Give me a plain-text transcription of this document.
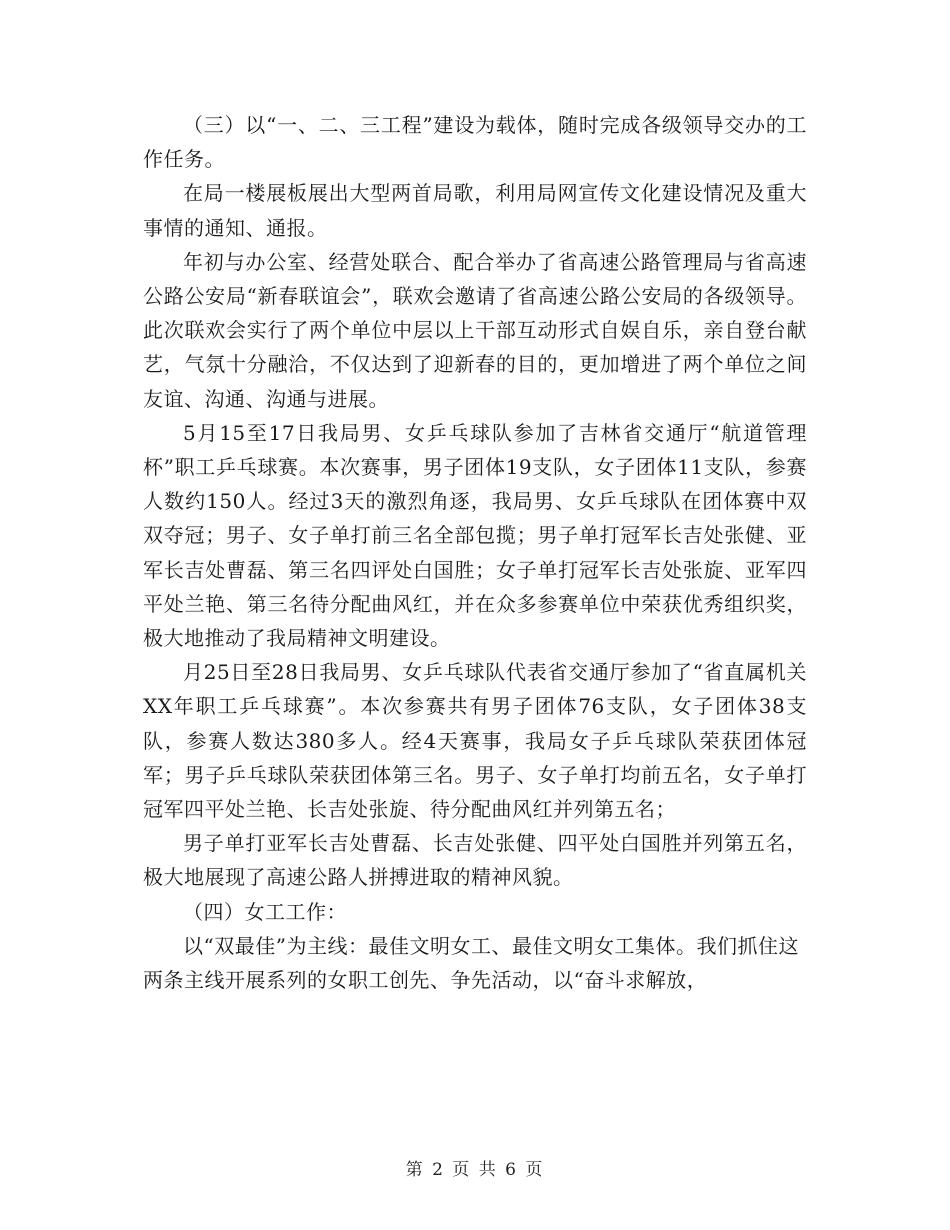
（三）以“一、二、三工程”建设为载体，随时完成各级领导交办的工作任务。

在局一楼展板展出大型两首局歌，利用局网宣传文化建设情况及重大事情的通知、通报。

年初与办公室、经营处联合、配合举办了省高速公路管理局与省高速公路公安局“新春联谊会”，联欢会邀请了省高速公路公安局的各级领导。此次联欢会实行了两个单位中层以上干部互动形式自娱自乐，亲自登台献艺，气氛十分融洽，不仅达到了迎新春的目的，更加增进了两个单位之间友谊、沟通、沟通与进展。

5月15至17日我局男、女乒乓球队参加了吉林省交通厅“航道管理杯”职工乒乓球赛。本次赛事，男子团体19支队，女子团体11支队，参赛人数约150人。经过3天的激烈角逐，我局男、女乒乓球队在团体赛中双双夺冠；男子、女子单打前三名全部包揽；男子单打冠军长吉处张健、亚军长吉处曹磊、第三名四评处白国胜；女子单打冠军长吉处张旋、亚军四平处兰艳、第三名待分配曲风红，并在众多参赛单位中荣获优秀组织奖，极大地推动了我局精神文明建设。

月25日至28日我局男、女乒乓球队代表省交通厅参加了“省直属机关XX年职工乒乓球赛”。本次参赛共有男子团体76支队，女子团体38支队，参赛人数达380多人。经4天赛事，我局女子乒乓球队荣获团体冠军；男子乒乓球队荣获团体第三名。男子、女子单打均前五名，女子单打冠军四平处兰艳、长吉处张旋、待分配曲风红并列第五名；

男子单打亚军长吉处曹磊、长吉处张健、四平处白国胜并列第五名，极大地展现了高速公路人拼搏进取的精神风貌。

（四）女工工作：

以“双最佳”为主线：最佳文明女工、最佳文明女工集体。我们抓住这两条主线开展系列的女职工创先、争先活动，以“奋斗求解放，

第 2 页 共 6 页
